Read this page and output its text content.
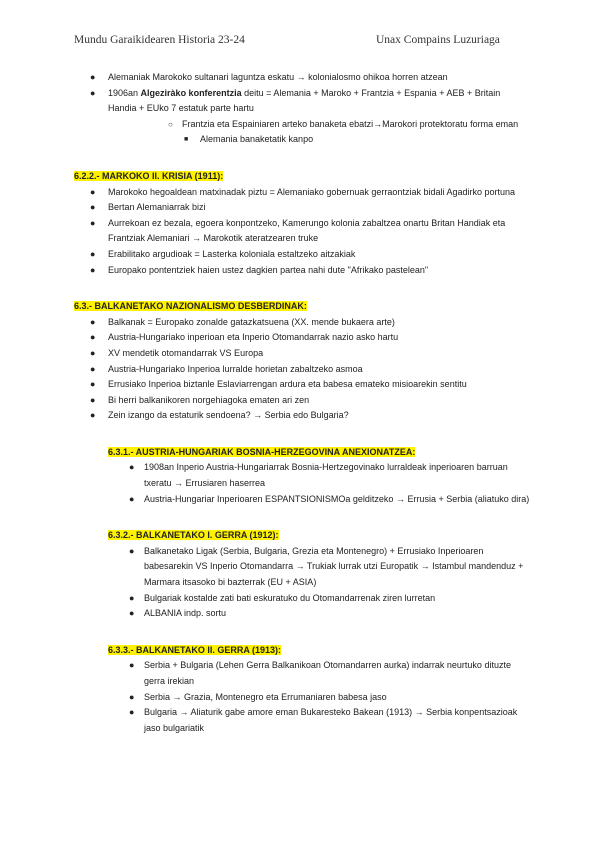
Mundu Garaikidearen Historia 23-24	Unax Compains Luzuriaga
● Alemaniak Marokoko sultanari laguntza eskatu → kolonialosmo ohikoa horren atzean
● 1906an Algeziràko konferentzia deitu = Alemania + Maroko + Frantzia + Espania + AEB + Britain Handia + EUko 7 estatuk parte hartu
○ Frantzia eta Espainiaren arteko banaketa ebatzi→Marokori protektoratu forma eman
■ Alemania banaketatik kanpo
6.2.2.- MARKOKO II. KRISIA (1911):
● Marokoko hegoaldean matxinadak piztu = Alemaniako gobernuak gerraontziak bidali Agadirko portuna
● Bertan Alemaniarrak bizi
● Aurrekoan ez bezala, egoera konpontzeko, Kamerungo kolonia zabaltzea onartu Britan Handiak eta Frantziak Alemaniari → Marokotik ateratzearen truke
● Erabilitako argudioak = Lasterka koloniala estaltzeko aitzakiak
● Europako pontentziek haien ustez dagkien partea nahi dute "Afrikako pastelean"
6.3.- BALKANETAKO NAZIONALISMO DESBERDINAK:
● Balkanak = Europako zonalde gatazkatsuena (XX. mende bukaera arte)
● Austria-Hungariako inperioan eta Inperio Otomandarrak nazio asko hartu
● XV mendetik otomandarrak VS Europa
● Austria-Hungariako Inperioa lurralde horietan zabaltzeko asmoa
● Errusiako Inperioa biztanle Eslaviarrengan ardura eta babesa emateko misioarekin sentitu
● Bi herri balkanikoren norgehiagoka ematen ari zen
● Zein izango da estaturik sendoena? → Serbia edo Bulgaria?
6.3.1.- AUSTRIA-HUNGARIAK BOSNIA-HERZEGOVINA ANEXIONATZEA:
● 1908an Inperio Austria-Hungariarrak Bosnia-Hertzegovinako lurraldeak inperioaren barruan txeratu → Errusiaren haserrea
● Austria-Hungariar Inperioaren ESPANTSIONISMOa gelditzeko → Errusia + Serbia (aliatuko dira)
6.3.2.- BALKANETAKO I. GERRA (1912):
● Balkanetako Ligak (Serbia, Bulgaria, Grezia eta Montenegro) + Errusiako Inperioaren babesarekin VS Inperio Otomandarra → Trukiak lurrak utzi Europatik → Istambul mandenduz + Marmara itsasoko bi bazterrak (EU + ASIA)
● Bulgariak kostalde zati bati eskuratuko du Otomandarrenak ziren lurretan
● ALBANIA indp. sortu
6.3.3.- BALKANETAKO II. GERRA (1913):
● Serbia + Bulgaria (Lehen Gerra Balkanikoan Otomandarren aurka) indarrak neurtuko dituzte gerra irekian
● Serbia → Grazia, Montenegro eta Errumaniaren babesa jaso
● Bulgaria → Aliaturik gabe amore eman Bukaresteko Bakean (1913) → Serbia konpentsazioak jaso bulgariatik
